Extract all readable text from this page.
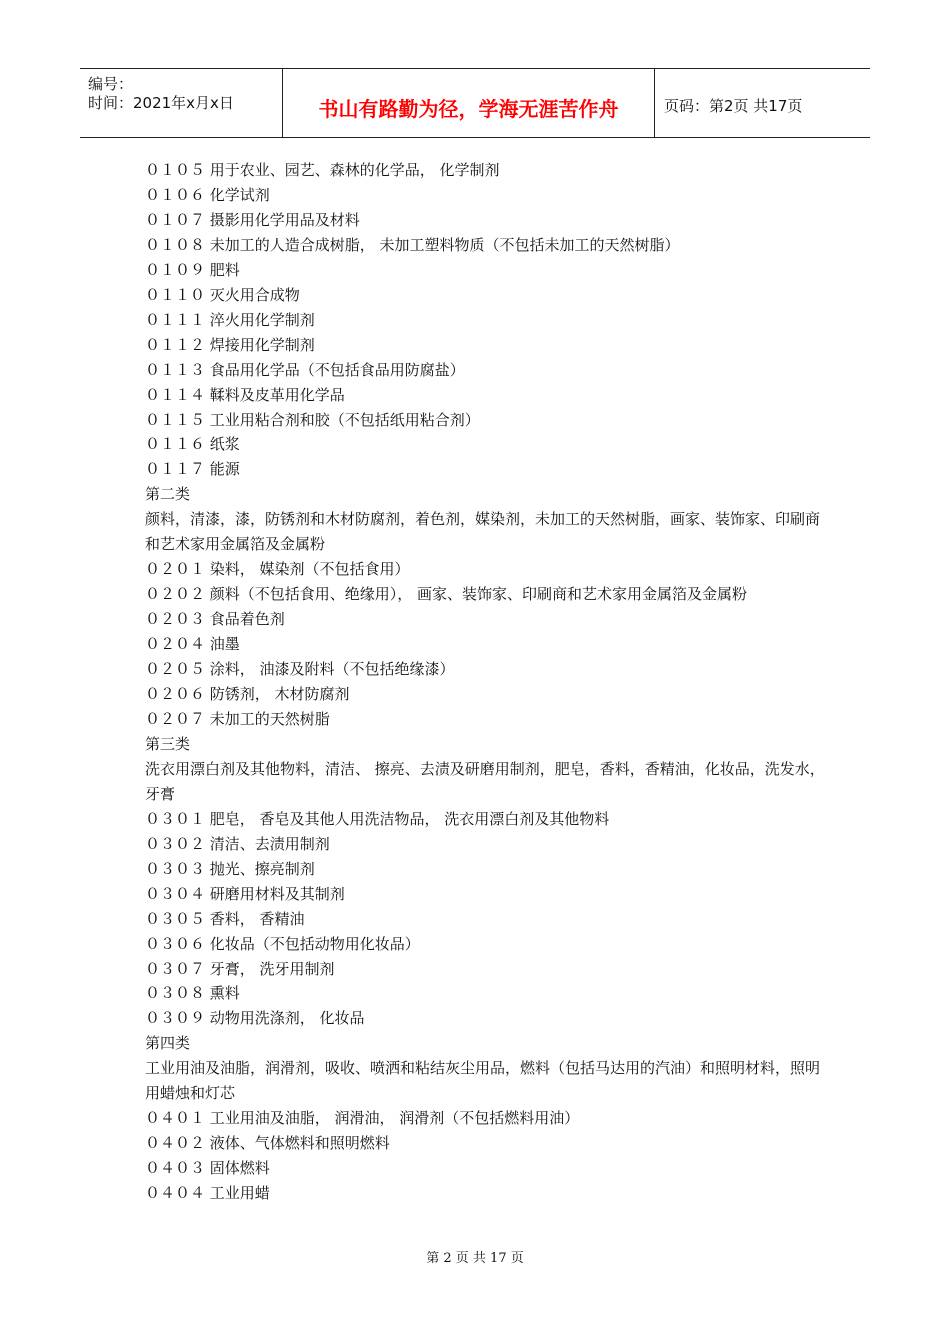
编号：
时间：2021年x月x日	书山有路勤为径，学海无涯苦作舟	页码：第2页 共17页
０１０５ 用于农业、园艺、森林的化学品， 化学制剂
０１０６ 化学试剂
０１０７ 摄影用化学用品及材料
０１０８ 未加工的人造合成树脂， 未加工塑料物质（不包括未加工的天然树脂）
０１０９ 肥料
０１１０ 灭火用合成物
０１１１ 淬火用化学制剂
０１１２ 焊接用化学制剂
０１１３ 食品用化学品（不包括食品用防腐盐）
０１１４ 鞣料及皮革用化学品
０１１５ 工业用粘合剂和胶（不包括纸用粘合剂）
０１１６ 纸浆
０１１７ 能源
第二类
颜料，清漆，漆，防锈剂和木材防腐剂，着色剂，媒染剂，未加工的天然树脂，画家、装饰家、印刷商和艺术家用金属箔及金属粉
０２０１ 染料， 媒染剂（不包括食用）
０２０２ 颜料（不包括食用、绝缘用）， 画家、装饰家、印刷商和艺术家用金属箔及金属粉
０２０３ 食品着色剂
０２０４ 油墨
０２０５ 涂料， 油漆及附料（不包括绝缘漆）
０２０６ 防锈剂， 木材防腐剂
０２０７ 未加工的天然树脂
第三类
洗衣用漂白剂及其他物料，清洁、 擦亮、去渍及研磨用制剂，肥皂，香料，香精油，化妆品，洗发水，牙膏
０３０１ 肥皂， 香皂及其他人用洗洁物品， 洗衣用漂白剂及其他物料
０３０２ 清洁、去渍用制剂
０３０３ 抛光、擦亮制剂
０３０４ 研磨用材料及其制剂
０３０５ 香料， 香精油
０３０６ 化妆品（不包括动物用化妆品）
０３０７ 牙膏， 洗牙用制剂
０３０８ 熏料
０３０９ 动物用洗涤剂， 化妆品
第四类
工业用油及油脂，润滑剂，吸收、喷洒和粘结灰尘用品，燃料（包括马达用的汽油）和照明材料，照明用蜡烛和灯芯
０４０１ 工业用油及油脂， 润滑油， 润滑剂（不包括燃料用油）
０４０２ 液体、气体燃料和照明燃料
０４０３ 固体燃料
０４０４ 工业用蜡
第 2 页 共 17 页
